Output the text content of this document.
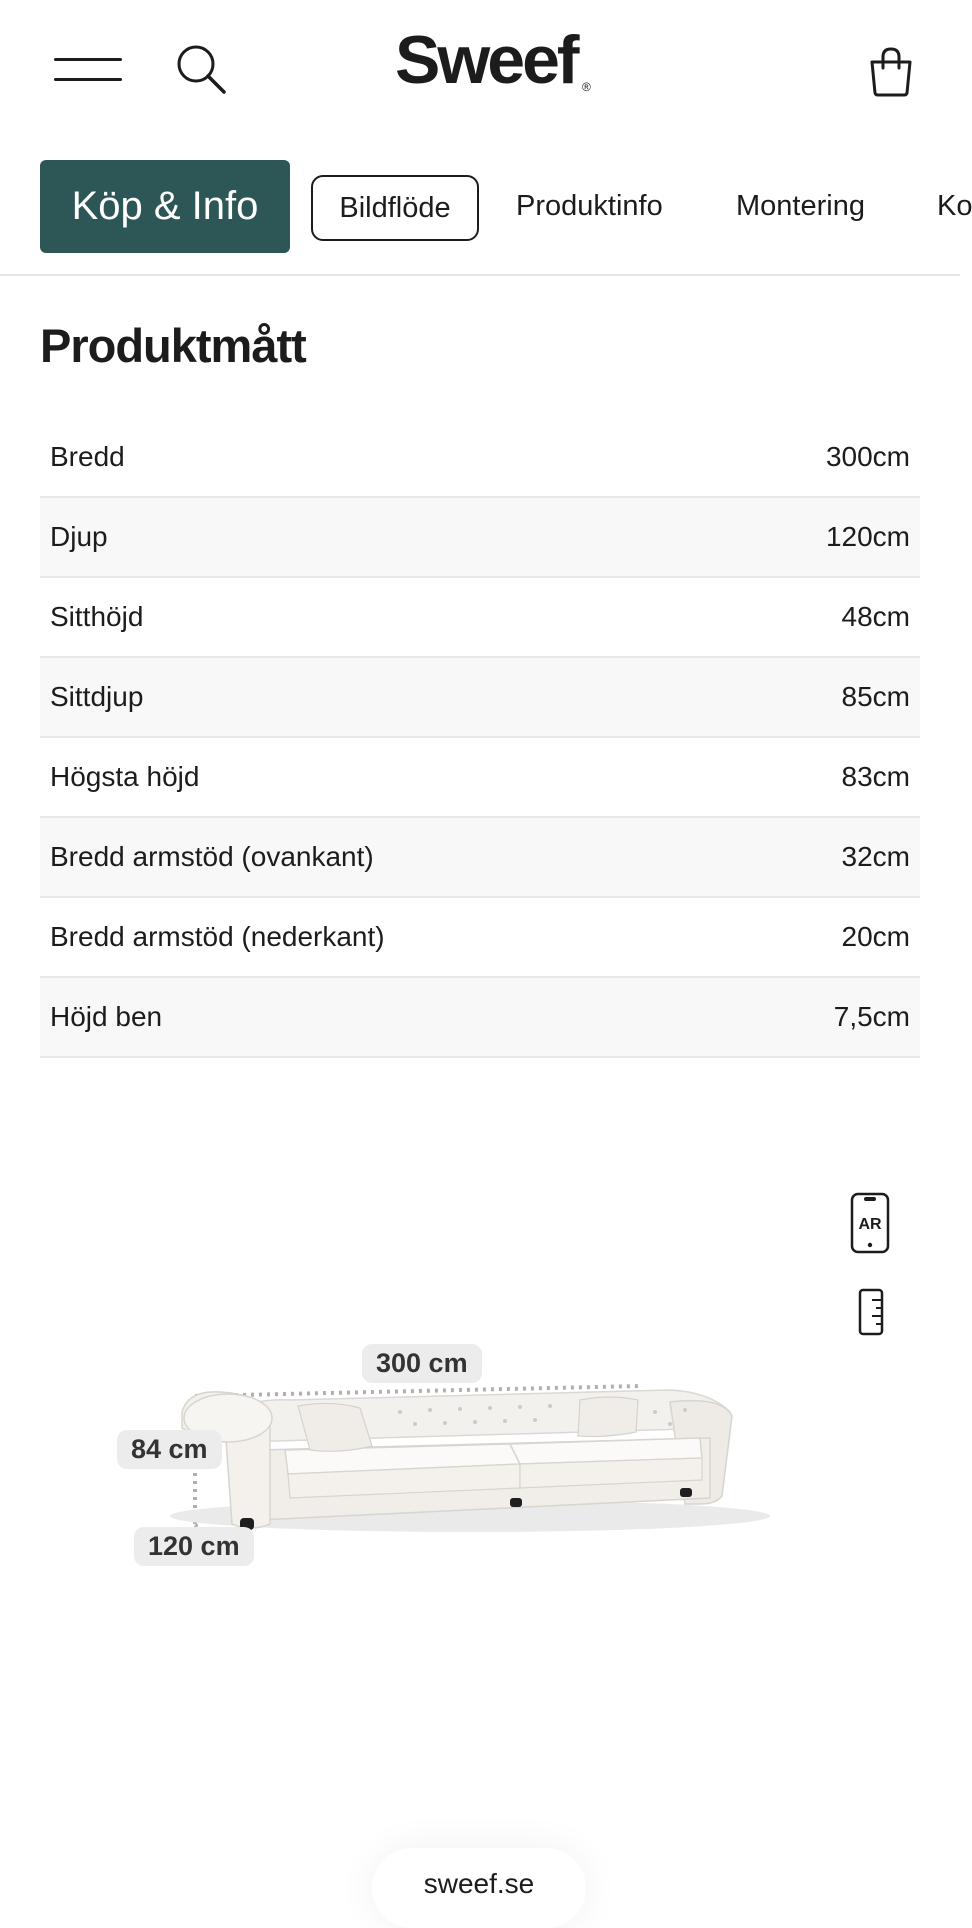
Sweef ®
Köp & Info	Bildflöde	Produktinfo	Montering Ko
Produktmått
Bredd	300cm
Djup	120cm
Sitthöjd	48cm
Sittdjup	85cm
Högsta höjd	83cm
Bredd armstöd (ovankant)	32cm
Bredd armstöd (nederkant)	20cm
Höjd ben	7,5cm
AR
300 cm
84 cm
120 cm
sweef.se
